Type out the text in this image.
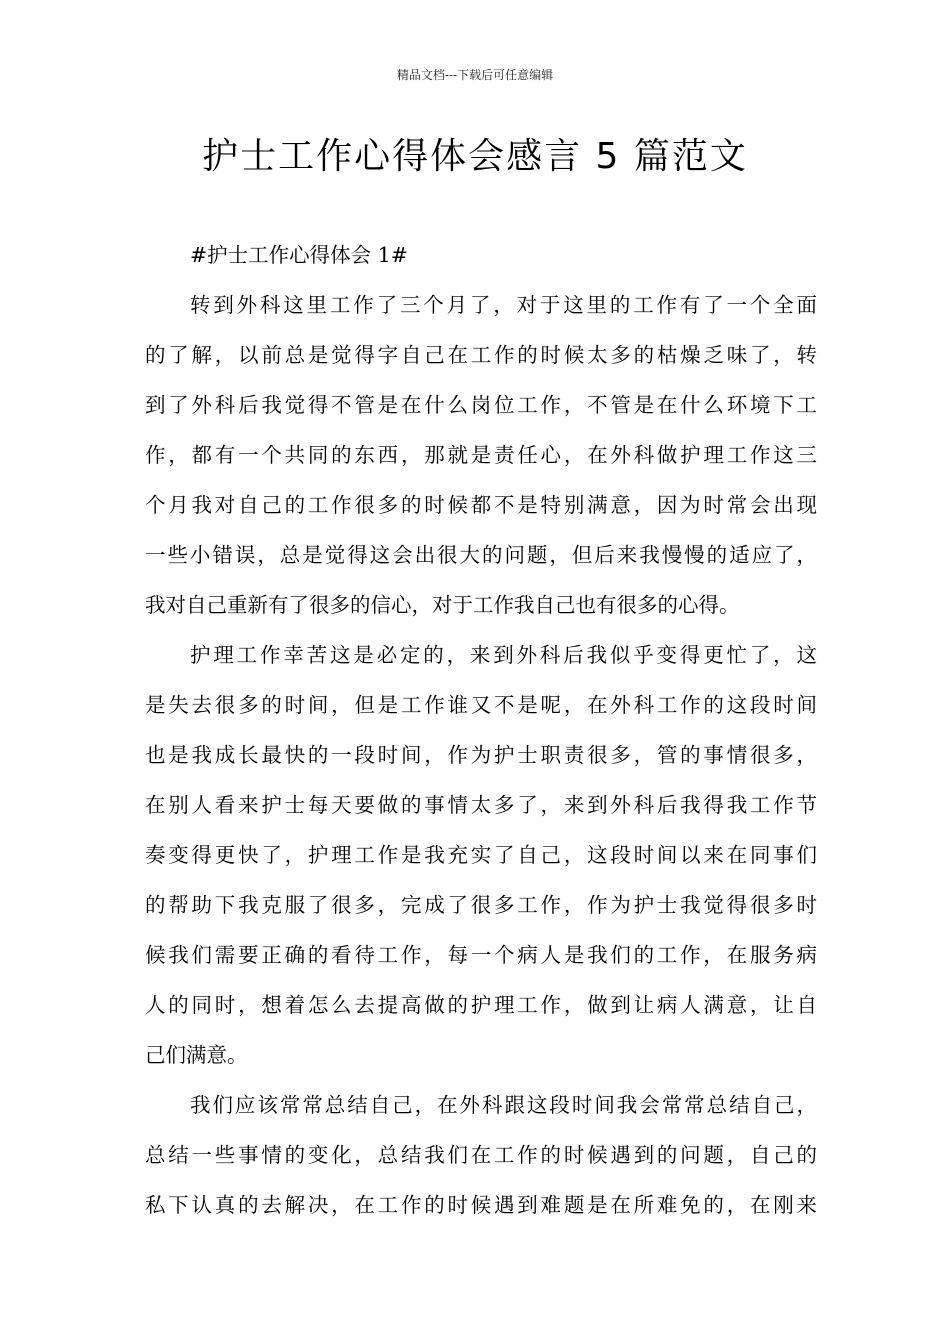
精品文档---下载后可任意编辑
护士工作心得体会感言 5 篇范文
#护士工作心得体会 1#
转到外科这里工作了三个月了，对于这里的工作有了一个全面
的了解，以前总是觉得字自己在工作的时候太多的枯燥乏味了，转
到了外科后我觉得不管是在什么岗位工作，不管是在什么环境下工
作，都有一个共同的东西，那就是责任心，在外科做护理工作这三
个月我对自己的工作很多的时候都不是特别满意，因为时常会出现
一些小错误，总是觉得这会出很大的问题，但后来我慢慢的适应了，
我对自己重新有了很多的信心，对于工作我自己也有很多的心得。
护理工作幸苦这是必定的，来到外科后我似乎变得更忙了，这
是失去很多的时间，但是工作谁又不是呢，在外科工作的这段时间
也是我成长最快的一段时间，作为护士职责很多，管的事情很多，
在别人看来护士每天要做的事情太多了，来到外科后我得我工作节
奏变得更快了，护理工作是我充实了自己，这段时间以来在同事们
的帮助下我克服了很多，完成了很多工作，作为护士我觉得很多时
候我们需要正确的看待工作，每一个病人是我们的工作，在服务病
人的同时，想着怎么去提高做的护理工作，做到让病人满意，让自
己们满意。
我们应该常常总结自己，在外科跟这段时间我会常常总结自己，
总结一些事情的变化，总结我们在工作的时候遇到的问题，自己的
私下认真的去解决，在工作的时候遇到难题是在所难免的，在刚来
